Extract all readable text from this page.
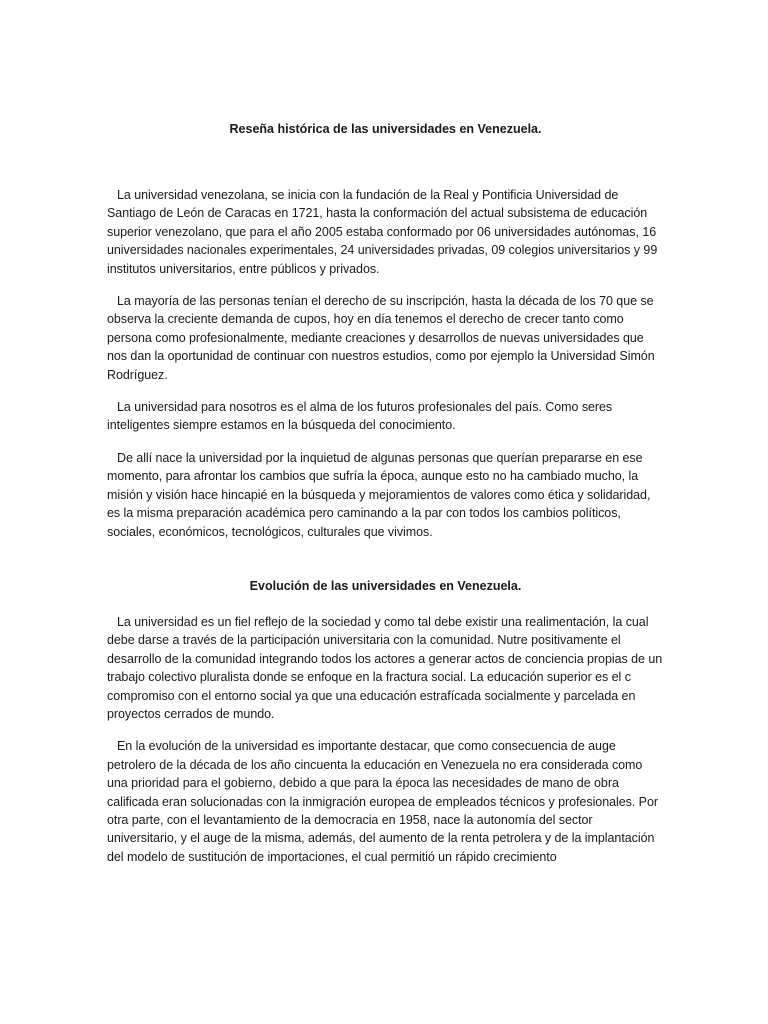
Reseña histórica de las universidades en Venezuela.

La universidad venezolana, se inicia con la fundación de la Real y Pontificia Universidad de Santiago de León de Caracas en 1721, hasta la conformación del actual subsistema de educación superior venezolano, que para el año 2005 estaba conformado por 06 universidades autónomas, 16 universidades nacionales experimentales, 24 universidades privadas, 09 colegios universitarios y 99 institutos universitarios, entre públicos y privados.

La mayoría de las personas tenían el derecho de su inscripción, hasta la década de los 70 que se observa la creciente demanda de cupos, hoy en día tenemos el derecho de crecer tanto como persona como profesionalmente, mediante creaciones y desarrollos de nuevas universidades que nos dan la oportunidad de continuar con nuestros estudios, como por ejemplo la Universidad Simón Rodríguez.

La universidad para nosotros es el alma de los futuros profesionales del país. Como seres inteligentes siempre estamos en la búsqueda del conocimiento.

De allí nace la universidad por la inquietud de algunas personas que querían prepararse en ese momento, para afrontar los cambios que sufría la época, aunque esto no ha cambiado mucho, la misión y visión hace hincapié en la búsqueda y mejoramientos de valores como ética y solidaridad, es la misma preparación académica pero caminando a la par con todos los cambios políticos, sociales, económicos, tecnológicos, culturales que vivimos.

Evolución de las universidades en Venezuela.

La universidad es un fiel reflejo de la sociedad y como tal debe existir una realimentación, la cual debe darse a través de la participación universitaria con la comunidad. Nutre positivamente el desarrollo de la comunidad integrando todos los actores a generar actos de conciencia propias de un trabajo colectivo pluralista donde se enfoque en la fractura social. La educación superior es el c compromiso con el entorno social ya que una educación estrafícada socialmente y parcelada en proyectos cerrados de mundo.

En la evolución de la universidad es importante destacar, que como consecuencia de auge petrolero de la década de los año cincuenta la educación en Venezuela no era considerada como una prioridad para el gobierno, debido a que para la época las necesidades de mano de obra calificada eran solucionadas con la inmigración europea de empleados técnicos y profesionales. Por otra parte, con el levantamiento de la democracia en 1958, nace la autonomía del sector universitario, y el auge de la misma, además, del aumento de la renta petrolera y de la implantación del modelo de sustitución de importaciones, el cual permitió un rápido crecimiento
